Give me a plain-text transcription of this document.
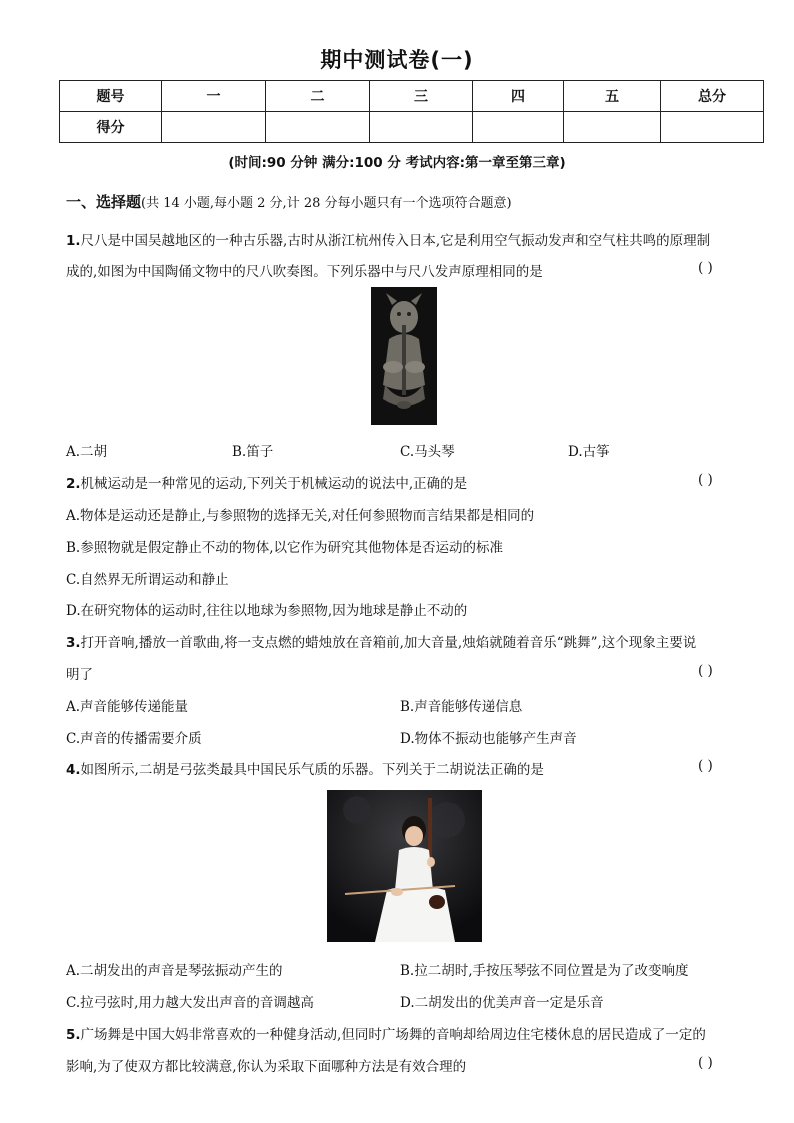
期中测试卷(一)
题号	一	二	三	四	五	总分
得分						
(时间:90 分钟 满分:100 分 考试内容:第一章至第三章)
一、选择题(共 14 小题,每小题 2 分,计 28 分每小题只有一个选项符合题意)
1.尺八是中国吴越地区的一种古乐器,古时从浙江杭州传入日本,它是利用空气振动发声和空气柱共鸣的原理制
成的,如图为中国陶俑文物中的尺八吹奏图。下列乐器中与尺八发声原理相同的是	( )
A.二胡	B.笛子	C.马头琴	D.古筝
2.机械运动是一种常见的运动,下列关于机械运动的说法中,正确的是	( )
A.物体是运动还是静止,与参照物的选择无关,对任何参照物而言结果都是相同的
B.参照物就是假定静止不动的物体,以它作为研究其他物体是否运动的标准
C.自然界无所谓运动和静止
D.在研究物体的运动时,往往以地球为参照物,因为地球是静止不动的
3.打开音响,播放一首歌曲,将一支点燃的蜡烛放在音箱前,加大音量,烛焰就随着音乐“跳舞”,这个现象主要说
明了	( )
A.声音能够传递能量	B.声音能够传递信息
C.声音的传播需要介质	D.物体不振动也能够产生声音
4.如图所示,二胡是弓弦类最具中国民乐气质的乐器。下列关于二胡说法正确的是	( )
A.二胡发出的声音是琴弦振动产生的	B.拉二胡时,手按压琴弦不同位置是为了改变响度
C.拉弓弦时,用力越大发出声音的音调越高	D.二胡发出的优美声音一定是乐音
5.广场舞是中国大妈非常喜欢的一种健身活动,但同时广场舞的音响却给周边住宅楼休息的居民造成了一定的
影响,为了使双方都比较满意,你认为采取下面哪种方法是有效合理的	( )
